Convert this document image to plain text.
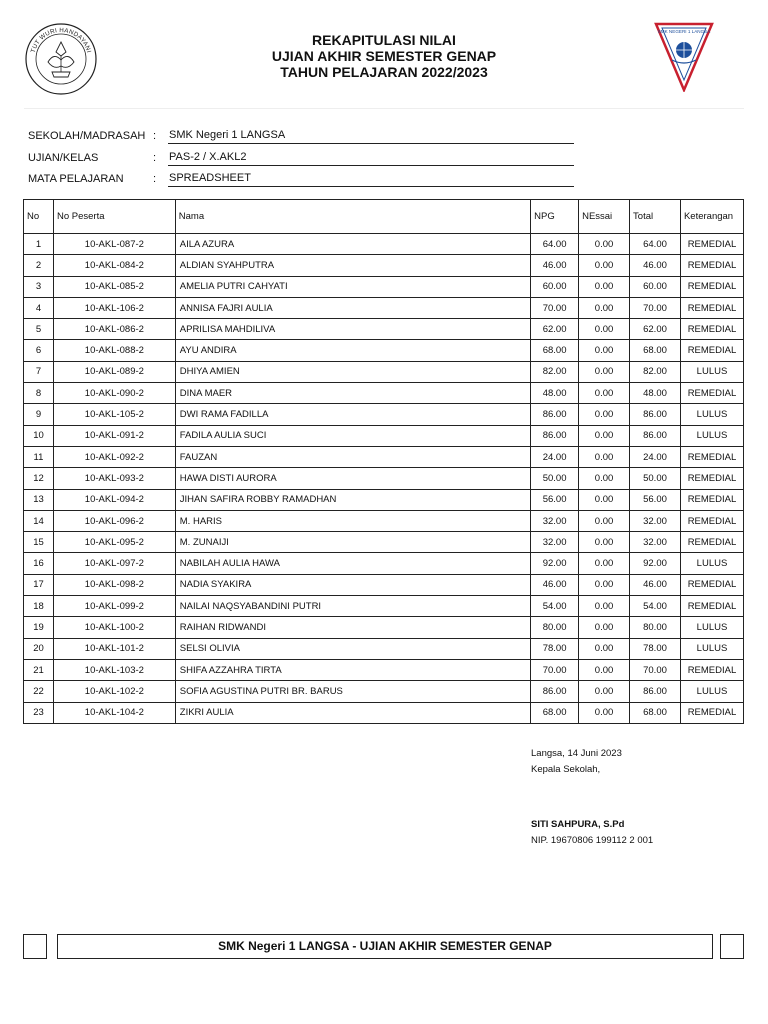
TUT WURI HANDAYANI
REKAPITULASI NILAI
UJIAN AKHIR SEMESTER GENAP
TAHUN PELAJARAN 2022/2023
SMK NEGERI 1 LANGSA
SEKOLAH/MADRASAH : SMK Negeri 1 LANGSA
UJIAN/KELAS	: PAS-2 / X.AKL2
MATA PELAJARAN	: SPREADSHEET
No	No Peserta	Nama	NPG	NEssai	Total	Keterangan
1	10-AKL-087-2	AILA AZURA	64.00	0.00	64.00	REMEDIAL
2	10-AKL-084-2	ALDIAN SYAHPUTRA	46.00	0.00	46.00	REMEDIAL
3	10-AKL-085-2	AMELIA PUTRI CAHYATI	60.00	0.00	60.00	REMEDIAL
4	10-AKL-106-2	ANNISA FAJRI AULIA	70.00	0.00	70.00	REMEDIAL
5	10-AKL-086-2	APRILISA MAHDILIVA	62.00	0.00	62.00	REMEDIAL
6	10-AKL-088-2	AYU ANDIRA	68.00	0.00	68.00	REMEDIAL
7	10-AKL-089-2	DHIYA AMIEN	82.00	0.00	82.00	LULUS
8	10-AKL-090-2	DINA MAER	48.00	0.00	48.00	REMEDIAL
9	10-AKL-105-2	DWI RAMA FADILLA	86.00	0.00	86.00	LULUS
10	10-AKL-091-2	FADILA AULIA SUCI	86.00	0.00	86.00	LULUS
11	10-AKL-092-2	FAUZAN	24.00	0.00	24.00	REMEDIAL
12	10-AKL-093-2	HAWA DISTI AURORA	50.00	0.00	50.00	REMEDIAL
13	10-AKL-094-2	JIHAN SAFIRA ROBBY RAMADHAN	56.00	0.00	56.00	REMEDIAL
14	10-AKL-096-2	M. HARIS	32.00	0.00	32.00	REMEDIAL
15	10-AKL-095-2	M. ZUNAIJI	32.00	0.00	32.00	REMEDIAL
16	10-AKL-097-2	NABILAH AULIA HAWA	92.00	0.00	92.00	LULUS
17	10-AKL-098-2	NADIA SYAKIRA	46.00	0.00	46.00	REMEDIAL
18	10-AKL-099-2	NAILAI NAQSYABANDINI PUTRI	54.00	0.00	54.00	REMEDIAL
19	10-AKL-100-2	RAIHAN RIDWANDI	80.00	0.00	80.00	LULUS
20	10-AKL-101-2	SELSI OLIVIA	78.00	0.00	78.00	LULUS
21	10-AKL-103-2	SHIFA AZZAHRA TIRTA	70.00	0.00	70.00	REMEDIAL
22	10-AKL-102-2	SOFIA AGUSTINA PUTRI BR. BARUS	86.00	0.00	86.00	LULUS
23	10-AKL-104-2	ZIKRI AULIA	68.00	0.00	68.00	REMEDIAL
Langsa, 14 Juni 2023
Kepala Sekolah,
SITI SAHPURA, S.Pd
NIP. 19670806 199112 2 001
SMK Negeri 1 LANGSA - UJIAN AKHIR SEMESTER GENAP
